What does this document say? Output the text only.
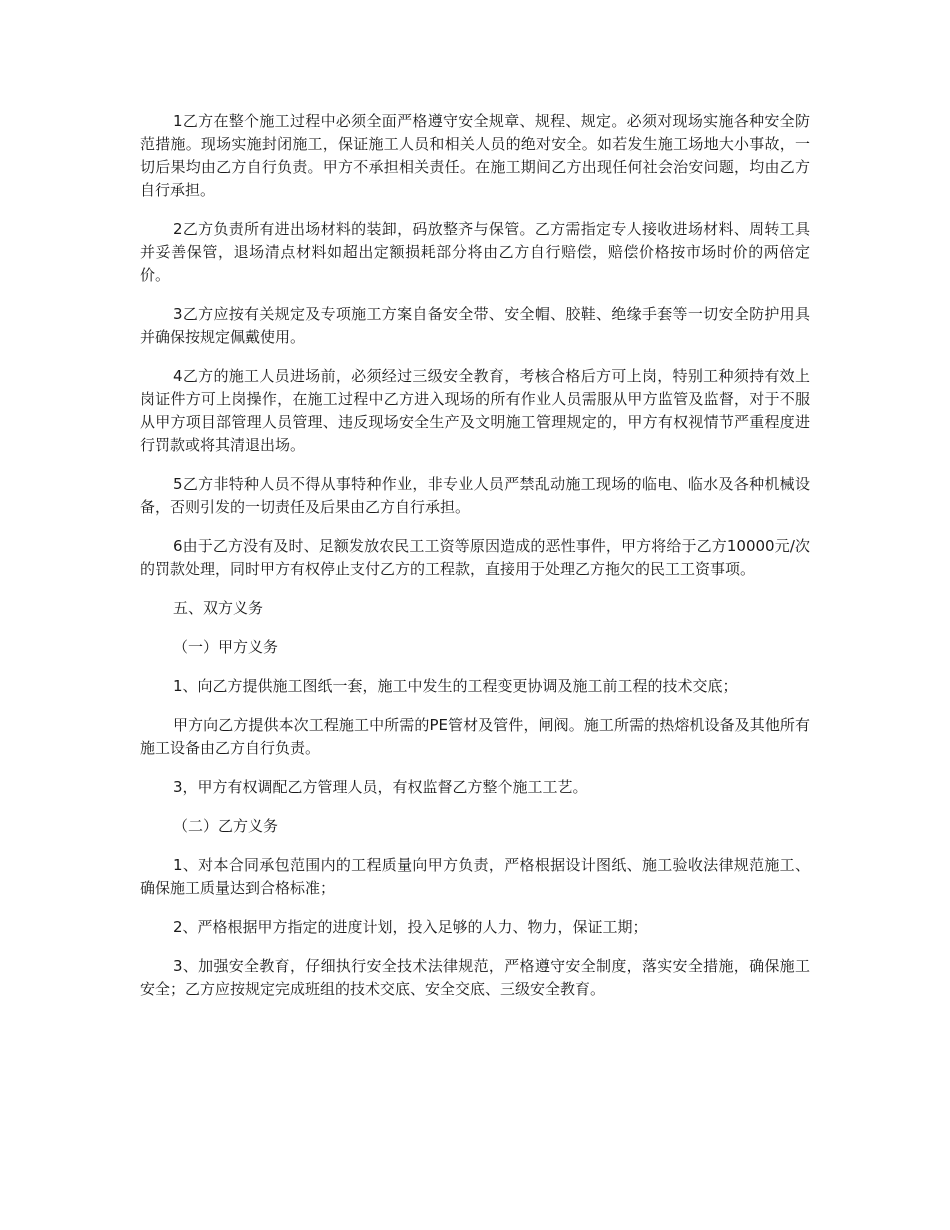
1乙方在整个施工过程中必须全面严格遵守安全规章、规程、规定。必须对现场实施各种安全防范措施。现场实施封闭施工，保证施工人员和相关人员的绝对安全。如若发生施工场地大小事故，一切后果均由乙方自行负责。甲方不承担相关责任。在施工期间乙方出现任何社会治安问题，均由乙方自行承担。

2乙方负责所有进出场材料的装卸，码放整齐与保管。乙方需指定专人接收进场材料、周转工具并妥善保管，退场清点材料如超出定额损耗部分将由乙方自行赔偿，赔偿价格按市场时价的两倍定价。

3乙方应按有关规定及专项施工方案自备安全带、安全帽、胶鞋、绝缘手套等一切安全防护用具并确保按规定佩戴使用。

4乙方的施工人员进场前，必须经过三级安全教育，考核合格后方可上岗，特别工种须持有效上岗证件方可上岗操作，在施工过程中乙方进入现场的所有作业人员需服从甲方监管及监督，对于不服从甲方项目部管理人员管理、违反现场安全生产及文明施工管理规定的，甲方有权视情节严重程度进行罚款或将其清退出场。

5乙方非特种人员不得从事特种作业，非专业人员严禁乱动施工现场的临电、临水及各种机械设备，否则引发的一切责任及后果由乙方自行承担。

6由于乙方没有及时、足额发放农民工工资等原因造成的恶性事件，甲方将给于乙方10000元/次的罚款处理，同时甲方有权停止支付乙方的工程款，直接用于处理乙方拖欠的民工工资事项。

五、双方义务

（一）甲方义务

1、向乙方提供施工图纸一套，施工中发生的工程变更协调及施工前工程的技术交底；

甲方向乙方提供本次工程施工中所需的PE管材及管件，闸阀。施工所需的热熔机设备及其他所有施工设备由乙方自行负责。

3，甲方有权调配乙方管理人员，有权监督乙方整个施工工艺。

（二）乙方义务

1、对本合同承包范围内的工程质量向甲方负责，严格根据设计图纸、施工验收法律规范施工、确保施工质量达到合格标准；

2、严格根据甲方指定的进度计划，投入足够的人力、物力，保证工期；

3、加强安全教育，仔细执行安全技术法律规范，严格遵守安全制度，落实安全措施，确保施工安全；乙方应按规定完成班组的技术交底、安全交底、三级安全教育。
